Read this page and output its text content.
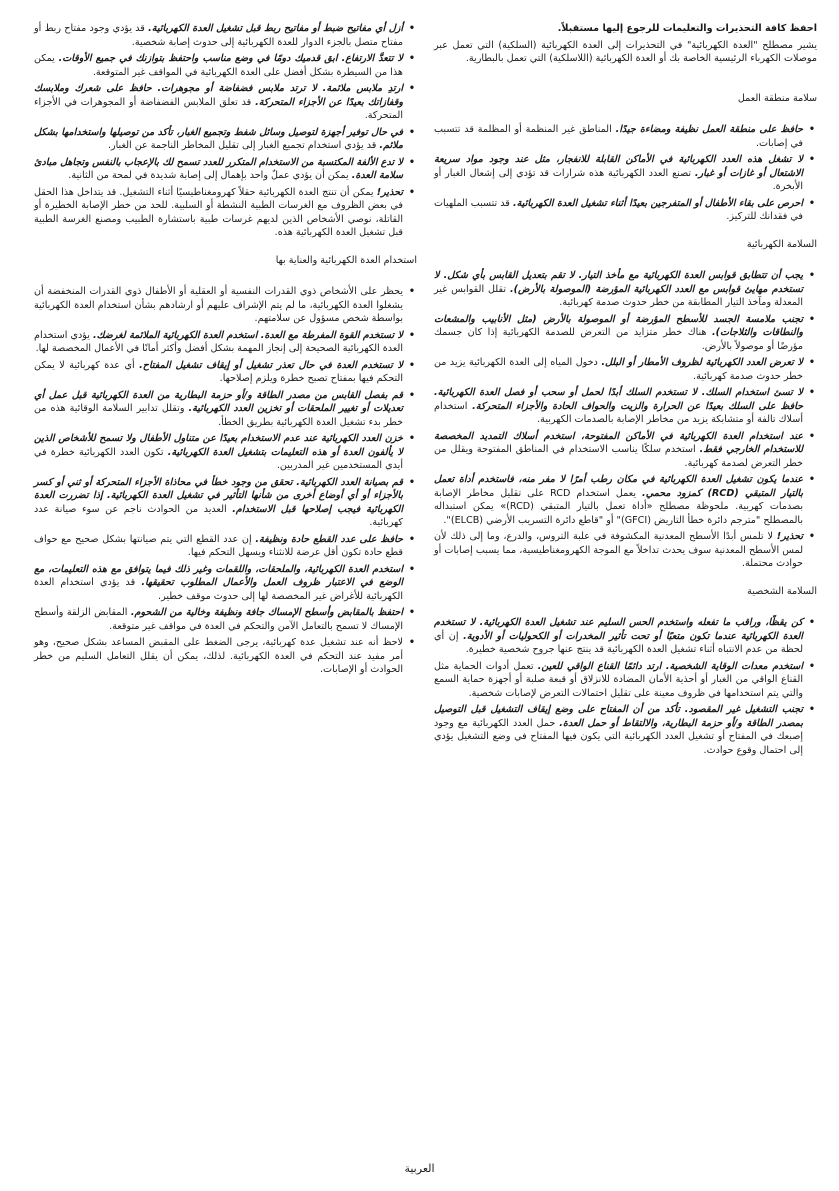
احفظ كافة التحذيرات والتعليمات للرجوع إليها مستقبلاً.

يشير مصطلح "العدة الكهربائية" في التحذيرات إلى العدة الكهربائية (السلكية) التي تعمل عبر موصلات الكهرباء الرئيسية الخاصة بك أو العدة الكهربائية (اللاسلكية) التي تعمل بالبطارية.

سلامة منطقة العمل

• حافظ على منطقة العمل نظيفة ومضاءة جيدًا. المناطق غير المنظمة أو المظلمة قد تتسبب في إصابات.
• لا تشغل هذه العدد الكهربائية في الأماكن القابلة للانفجار، مثل عند وجود مواد سريعة الاشتعال أو غازات أو غبار. تصنع العدد الكهربائية هذه شرارات قد تؤدي إلى إشعال الغبار أو الأبخرة.
• احرص على بقاء الأطفال أو المتفرجين بعيدًا أثناء تشغيل العدة الكهربائية. قد تتسبب الملهيات في فقدانك للتركيز.

السلامة الكهربائية

• يجب أن تتطابق قوابس العدة الكهربائية مع مأخذ التيار. لا تقم بتعديل القابس بأي شكل. لا تستخدم مهايئ قوابس مع العدد الكهربائية المؤرضة (الموصولة بالأرض). تقلل القوابس غير المعدلة ومآخذ التيار المطابقة من خطر حدوث صدمة كهربائية.
• تجنب ملامسة الجسد للأسطح المؤرضة أو الموصولة بالأرض (مثل الأنابيب والمشعات والنطاقات والثلاجات). هناك خطر متزايد من التعرض للصدمة الكهربائية إذا كان جسمك مؤرضًا أو موصولاً بالأرض.
• لا تعرض العدد الكهربائية لظروف الأمطار أو البلل. دخول المياه إلى العدة الكهربائية يزيد من خطر حدوث صدمة كهربائية.
• لا تسئ استخدام السلك. لا تستخدم السلك أبدًا لحمل أو سحب أو فصل العدة الكهربائية. حافظ على السلك بعيدًا عن الحرارة والزيت والحواف الحادة والأجزاء المتحركة. استخدام أسلاك تالفة أو متشابكة يزيد من مخاطر الإصابة بالصدمات الكهربية.
• عند استخدام العدة الكهربائية في الأماكن المفتوحة، استخدم أسلاك التمديد المخصصة للاستخدام الخارجي فقط. استخدم سلكًا يناسب الاستخدام في المناطق المفتوحة ويقلل من خطر التعرض لصدمة كهربائية.
• عندما يكون تشغيل العدة الكهربائية في مكان رطب أمرًا لا مفر منه، فاستخدم أداة تعمل بالتيار المتبقي (RCD) كمزود محمي. يعمل استخدام RCD على تقليل مخاطر الإصابة بصدمات كهربية. ملحوظة مصطلح «أداة تعمل بالتيار المتبقي (RCD)» يمكن استبداله بالمصطلح "مترجم دائرة خطأ التاريض (GFCI)" أو "قاطع دائرة التسريب الأرضي (ELCB)".
• تحذير! لا تلمس أبدًا الأسطح المعدنية المكشوفة في علبة التروس، والدرع، وما إلى ذلك لأن لمس الأسطح المعدنية سوف يحدث تداخلاً مع الموجة الكهرومغناطيسية، مما يسبب إصابات أو حوادث محتملة.

السلامة الشخصية

• كن يقظًا، وراقب ما تفعله واستخدم الحس السليم عند تشغيل العدة الكهربائية. لا تستخدم العدة الكهربائية عندما تكون متعبًا أو تحت تأثير المخدرات أو الكحوليات أو الأدوية. إن أي لحظة من عدم الانتباه أثناء تشغيل العدة الكهربائية قد ينتج عنها جروح شخصية خطيرة.
• استخدم معدات الوقاية الشخصية. ارتد دائمًا القناع الواقي للعين. تعمل أدوات الحماية مثل القناع الواقي من الغبار أو أحذية الأمان المضادة للانزلاق أو قبعة صلبة أو أجهزة حماية السمع والتي يتم استخدامها في ظروف معينة على تقليل احتمالات التعرض لإصابات شخصية.
• تجنب التشغيل غير المقصود. تأكد من أن المفتاح على وضع إيقاف التشغيل قبل التوصيل بمصدر الطاقة و/أو حزمة البطارية، والالتقاط أو حمل العدة. حمل العدد الكهربائية مع وجود إصبعك في المفتاح أو تشغيل العدد الكهربائية التي يكون فيها المفتاح في وضع التشغيل يؤدي إلى احتمال وقوع حوادث.
• أزل أي مفاتيح ضبط أو مفاتيح ربط قبل تشغيل العدة الكهربائية. قد يؤدي وجود مفتاح ربط أو مفتاح متصل بالجزء الدوار للعدة الكهربائية إلى حدوث إصابة شخصية.
• لا تتعدَّ الارتفاع. ابق قدميك دومًا في وضع مناسب واحتفظ بتوازنك في جميع الأوقات. يمكن هذا من السيطرة بشكل أفضل على العدة الكهربائية في المواقف غير المتوقعة.
• ارتدِ ملابس ملائمة. لا ترتد ملابس فضفاضة أو مجوهرات. حافظ على شعرك وملابسك وقفازاتك بعيدًا عن الأجزاء المتحركة. قد تعلق الملابس الفضفاضة أو المجوهرات في الأجزاء المتحركة.
• في حال توفير أجهزة لتوصيل وسائل شفط وتجميع الغبار، تأكد من توصيلها واستخدامها بشكل ملائم. قد يؤدي استخدام تجميع الغبار إلى تقليل المخاطر الناجمة عن الغبار.
• لا تدع الألفة المكتسبة من الاستخدام المتكرر للعدد تسمح لك بالإعجاب بالنفس وتجاهل مبادئ سلامة العدة. يمكن أن يؤدي عملٌ واحد بإهمال إلى إصابة شديدة في لمحة من الثانية.
• تحذير! يمكن أن تنتج العدة الكهربائية حقلاً كهرومغناطيسيًا أثناء التشغيل. قد يتداخل هذا الحقل في بعض الظروف مع الغرسات الطبية النشطة أو السلبية. للحد من خطر الإصابة الخطيرة أو القاتلة، نوصي الأشخاص الذين لديهم غرسات طبية باستشارة الطبيب ومصنع الغرسة الطبية قبل تشغيل العدة الكهربائية هذه.

استخدام العدة الكهربائية والعناية بها

• يحظر على الأشخاص ذوي القدرات النفسية أو العقلية أو الأطفال ذوي القدرات المنخفضة أن يشغلوا العدة الكهربائية، ما لم يتم الإشراف عليهم أو ارشادهم بشأن استخدام العدة الكهربائية بواسطة شخص مسؤول عن سلامتهم.
• لا تستخدم القوة المفرطة مع العدة. استخدم العدة الكهربائية الملائمة لغرضك. يؤدي استخدام العدة الكهربائية الصحيحة إلى إنجاز المهمة بشكل أفضل وأكثر أمانًا في الأعمال المخصصة لها.
• لا تستخدم العدة في حال تعذر تشغيل أو إيقاف تشغيل المفتاح. أي عدة كهربائية لا يمكن التحكم فيها بمفتاح تصبح خطرة ويلزم إصلاحها.
• قم بفصل القابس من مصدر الطاقة و/أو حزمة البطارية من العدة الكهربائية قبل عمل أي تعديلات أو تغيير الملحقات أو تخزين العدد الكهربائية. وتقلل تدابير السلامة الوقائية هذه من خطر بدء تشغيل العدة الكهربائية بطريق الخطأ.
• خزن العدد الكهربائية عند عدم الاستخدام بعيدًا عن متناول الأطفال ولا تسمح للأشخاص الذين لا يألفون العدة أو هذه التعليمات بتشغيل العدة الكهربائية. تكون العدد الكهربائية خطرة في أيدي المستخدمين غير المدربين.
• قم بصيانة العدد الكهربائية. تحقق من وجود خطأ في محاذاة الأجزاء المتحركة أو ثني أو كسر بالأجزاء أو أي أوضاع أخرى من شأنها التأثير في تشغيل العدة الكهربائية. إذا تضررت العدة الكهربائية فيجب إصلاحها قبل الاستخدام. العديد من الحوادث ناجم عن سوء صيانة عدد كهربائية.
• حافظ على عدد القطع حادة ونظيفة. إن عدد القطع التي يتم صيانتها بشكل صحيح مع حواف قطع حادة تكون أقل عرضة للانثناء ويسهل التحكم فيها.
• استخدم العدة الكهربائية، والملحقات، واللقمات وغير ذلك فيما يتوافق مع هذه التعليمات، مع الوضع في الاعتبار ظروف العمل والأعمال المطلوب تحقيقها. قد يؤدي استخدام العدة الكهربائية للأغراض غير المخصصة لها إلى حدوث موقف خطير.
• احتفظ بالمقابض وأسطح الإمساك جافة ونظيفة وخالية من الشحوم. المقابض الزلقة وأسطح الإمساك لا تسمح بالتعامل الآمن والتحكم في العدة في مواقف غير متوقعة.
• لاحظ أنه عند تشغيل عدة كهربائية، يرجى الضغط على المقبض المساعد بشكل صحيح، وهو أمر مفيد عند التحكم في العدة الكهربائية. لذلك، يمكن أن يقلل التعامل السليم من خطر الحوادث أو الإصابات.
العربية
